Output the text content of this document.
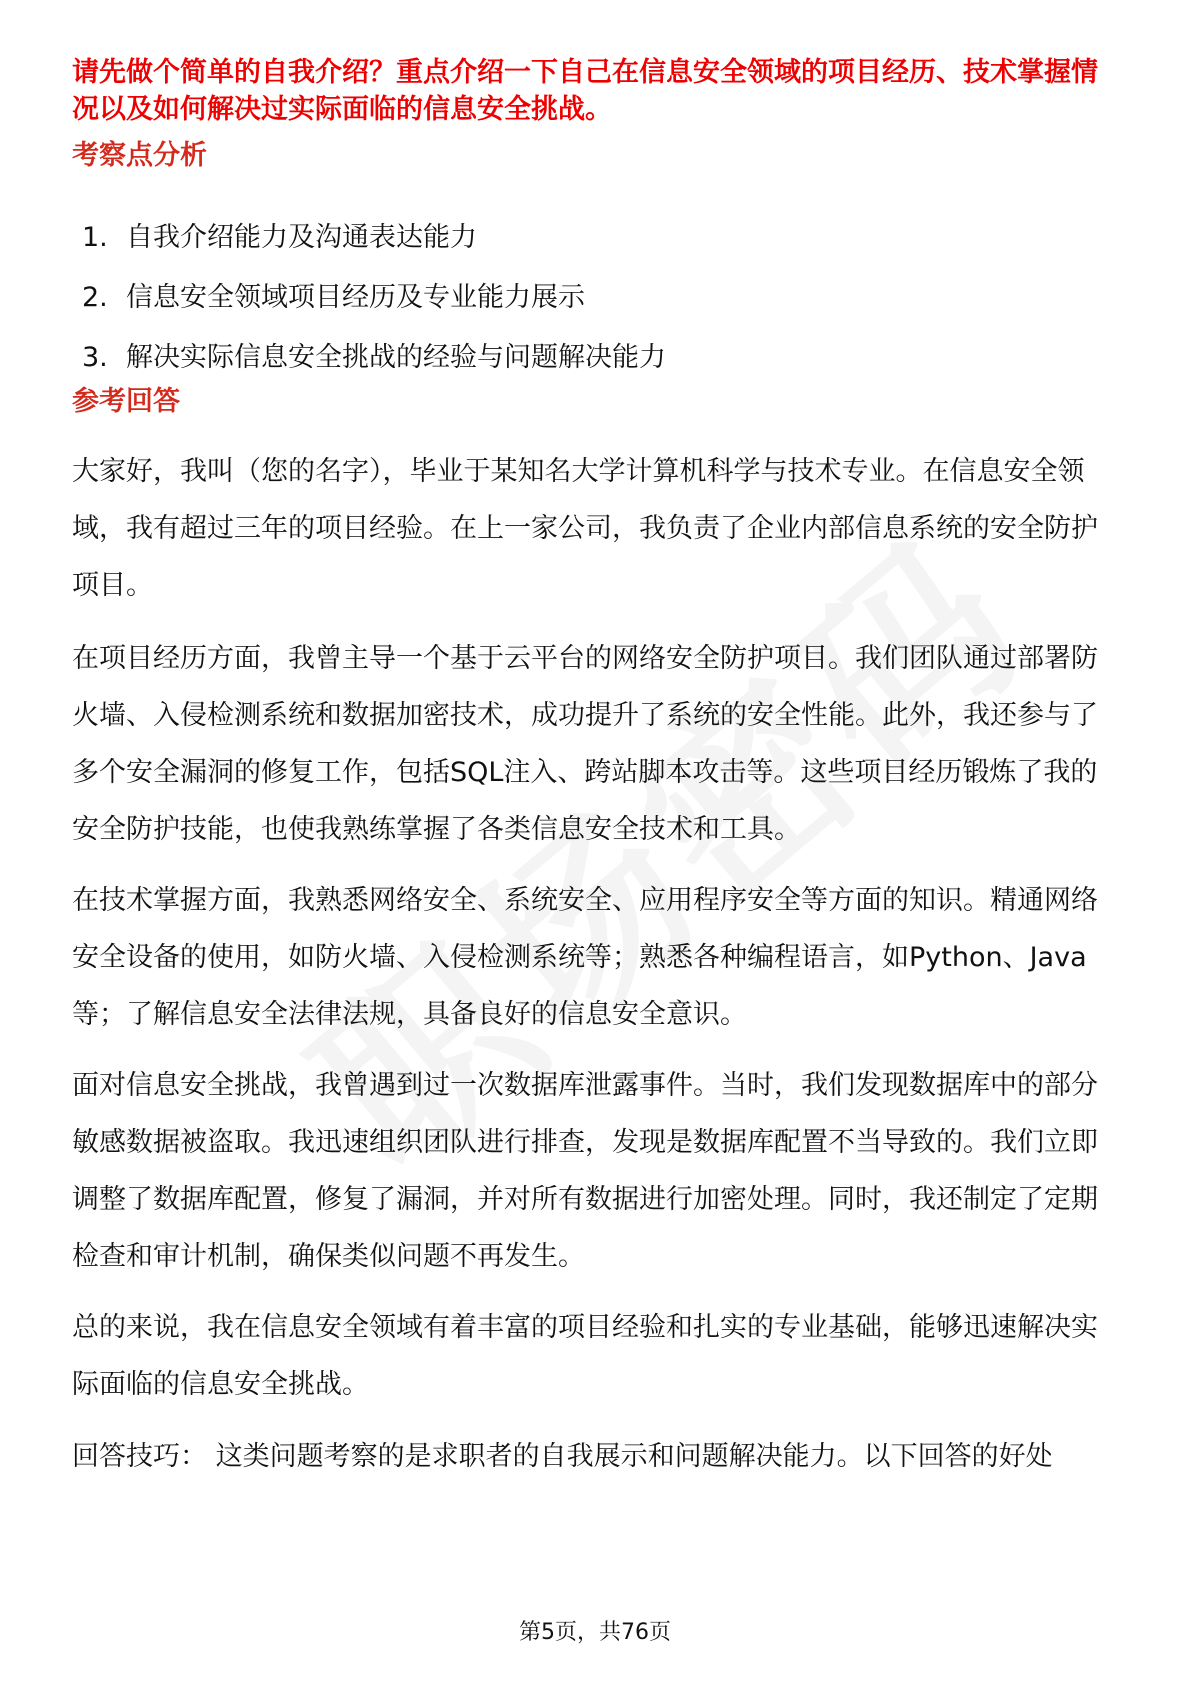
请先做个简单的自我介绍？重点介绍一下自己在信息安全领域的项目经历、技术掌握情况以及如何解决过实际面临的信息安全挑战。

考察点分析

1. 自我介绍能力及沟通表达能力
2. 信息安全领域项目经历及专业能力展示
3. 解决实际信息安全挑战的经验与问题解决能力

参考回答

大家好，我叫（您的名字），毕业于某知名大学计算机科学与技术专业。在信息安全领域，我有超过三年的项目经验。在上一家公司，我负责了企业内部信息系统的安全防护项目。

在项目经历方面，我曾主导一个基于云平台的网络安全防护项目。我们团队通过部署防火墙、入侵检测系统和数据加密技术，成功提升了系统的安全性能。此外，我还参与了多个安全漏洞的修复工作，包括SQL注入、跨站脚本攻击等。这些项目经历锻炼了我的安全防护技能，也使我熟练掌握了各类信息安全技术和工具。

在技术掌握方面，我熟悉网络安全、系统安全、应用程序安全等方面的知识。精通网络安全设备的使用，如防火墙、入侵检测系统等；熟悉各种编程语言，如Python、Java等；了解信息安全法律法规，具备良好的信息安全意识。

面对信息安全挑战，我曾遇到过一次数据库泄露事件。当时，我们发现数据库中的部分敏感数据被盗取。我迅速组织团队进行排查，发现是数据库配置不当导致的。我们立即调整了数据库配置，修复了漏洞，并对所有数据进行加密处理。同时，我还制定了定期检查和审计机制，确保类似问题不再发生。

总的来说，我在信息安全领域有着丰富的项目经验和扎实的专业基础，能够迅速解决实际面临的信息安全挑战。

回答技巧： 这类问题考察的是求职者的自我展示和问题解决能力。以下回答的好处

第5页，共76页
